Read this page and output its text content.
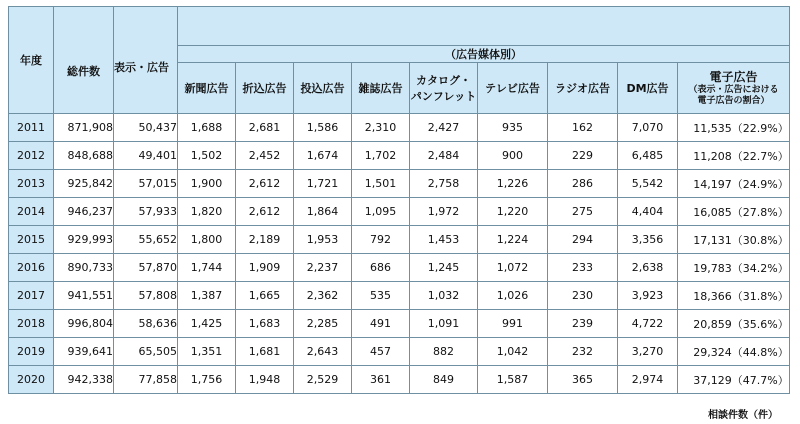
年度	総件数	表示・広告									
			（広告媒体別）								
			新聞広告	折込広告	投込広告	雑誌広告	カタログ・
パンフレット	テレビ広告	ラジオ広告	DM広告	電子広告
（表示・広告における
電子広告の割合）

2011	871,908	50,437	1,688	2,681	1,586	2,310	2,427	935	162	7,070	11,535（22.9%）
2012	848,688	49,401	1,502	2,452	1,674	1,702	2,484	900	229	6,485	11,208（22.7%）
2013	925,842	57,015	1,900	2,612	1,721	1,501	2,758	1,226	286	5,542	14,197（24.9%）
2014	946,237	57,933	1,820	2,612	1,864	1,095	1,972	1,220	275	4,404	16,085（27.8%）
2015	929,993	55,652	1,800	2,189	1,953	792	1,453	1,224	294	3,356	17,131（30.8%）
2016	890,733	57,870	1,744	1,909	2,237	686	1,245	1,072	233	2,638	19,783（34.2%）
2017	941,551	57,808	1,387	1,665	2,362	535	1,032	1,026	230	3,923	18,366（31.8%）
2018	996,804	58,636	1,425	1,683	2,285	491	1,091	991	239	4,722	20,859（35.6%）
2019	939,641	65,505	1,351	1,681	2,643	457	882	1,042	232	3,270	29,324（44.8%）
2020	942,338	77,858	1,756	1,948	2,529	361	849	1,587	365	2,974	37,129（47.7%）
相談件数（件）
